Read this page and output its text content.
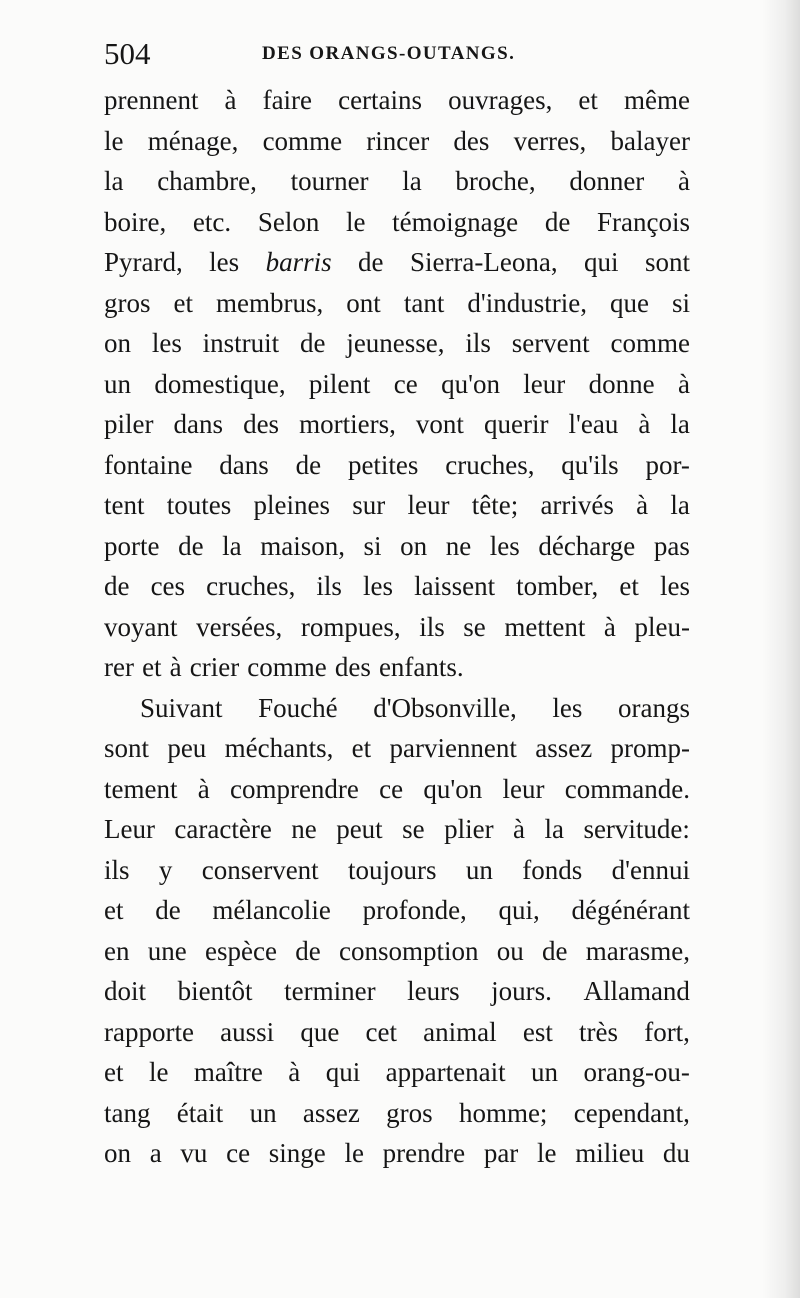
504	DES ORANGS-OUTANGS.
prennent à faire certains ouvrages, et même
le ménage, comme rincer des verres, balayer
la chambre, tourner la broche, donner à
boire, etc. Selon le témoignage de François
Pyrard, les barris de Sierra-Leona, qui sont
gros et membrus, ont tant d'industrie, que si
on les instruit de jeunesse, ils servent comme
un domestique, pilent ce qu'on leur donne à
piler dans des mortiers, vont querir l'eau à la
fontaine dans de petites cruches, qu'ils por-
tent toutes pleines sur leur tête; arrivés à la
porte de la maison, si on ne les décharge pas
de ces cruches, ils les laissent tomber, et les
voyant versées, rompues, ils se mettent à pleu-
rer et à crier comme des enfants.
Suivant Fouché d'Obsonville, les orangs
sont peu méchants, et parviennent assez promp-
tement à comprendre ce qu'on leur commande.
Leur caractère ne peut se plier à la servitude:
ils y conservent toujours un fonds d'ennui
et de mélancolie profonde, qui, dégénérant
en une espèce de consomption ou de marasme,
doit bientôt terminer leurs jours. Allamand
rapporte aussi que cet animal est très fort,
et le maître à qui appartenait un orang-ou-
tang était un assez gros homme; cependant,
on a vu ce singe le prendre par le milieu du
